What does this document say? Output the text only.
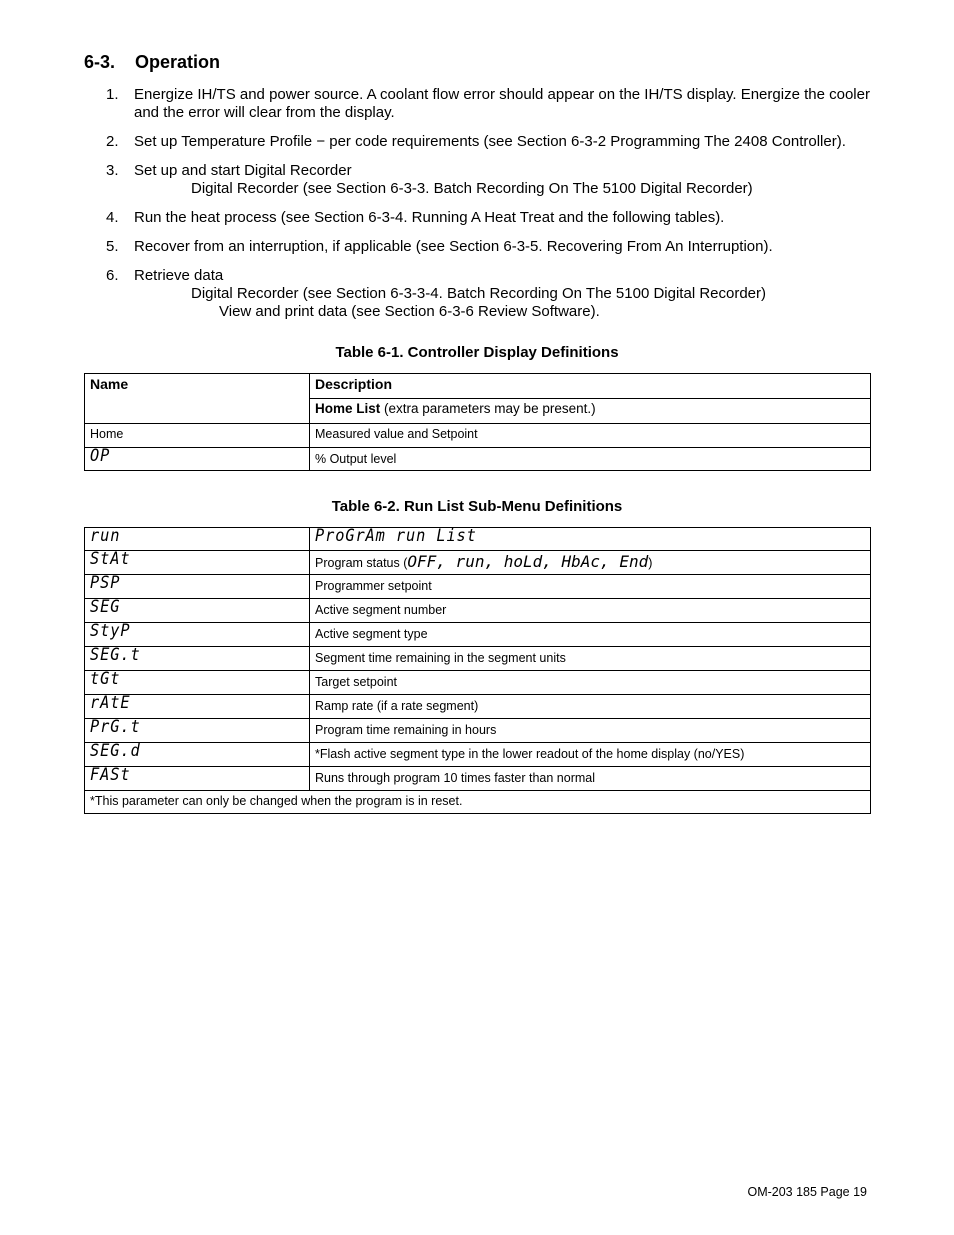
6-3. Operation
1. Energize IH/TS and power source. A coolant flow error should appear on the IH/TS display. Energize the cooler and the error will clear from the display.
2. Set up Temperature Profile − per code requirements (see Section 6-3-2 Programming The 2408 Controller).
3. Set up and start Digital Recorder
Digital Recorder (see Section 6-3-3. Batch Recording On The 5100 Digital Recorder)
4. Run the heat process (see Section 6-3-4. Running A Heat Treat and the following tables).
5. Recover from an interruption, if applicable (see Section 6-3-5. Recovering From An Interruption).
6. Retrieve data
Digital Recorder (see Section 6-3-3-4. Batch Recording On The 5100 Digital Recorder)
View and print data (see Section 6-3-6 Review Software).
Table 6-1. Controller Display Definitions
Name	Description
	Home List (extra parameters may be present.)
Home	Measured value and Setpoint
OP	% Output level
Table 6-2. Run List Sub-Menu Definitions
run	ProGrAm run List
StAt	Program status (OFF, run, hoLd, HbAc, End)
PSP	Programmer setpoint
SEG	Active segment number
StyP	Active segment type
SEG.t	Segment time remaining in the segment units
tGt	Target setpoint
rAtE	Ramp rate (if a rate segment)
PrG.t	Program time remaining in hours
SEG.d	*Flash active segment type in the lower readout of the home display (no/YES)
FASt	Runs through program 10 times faster than normal
*This parameter can only be changed when the program is in reset.	
OM-203 185 Page 19
